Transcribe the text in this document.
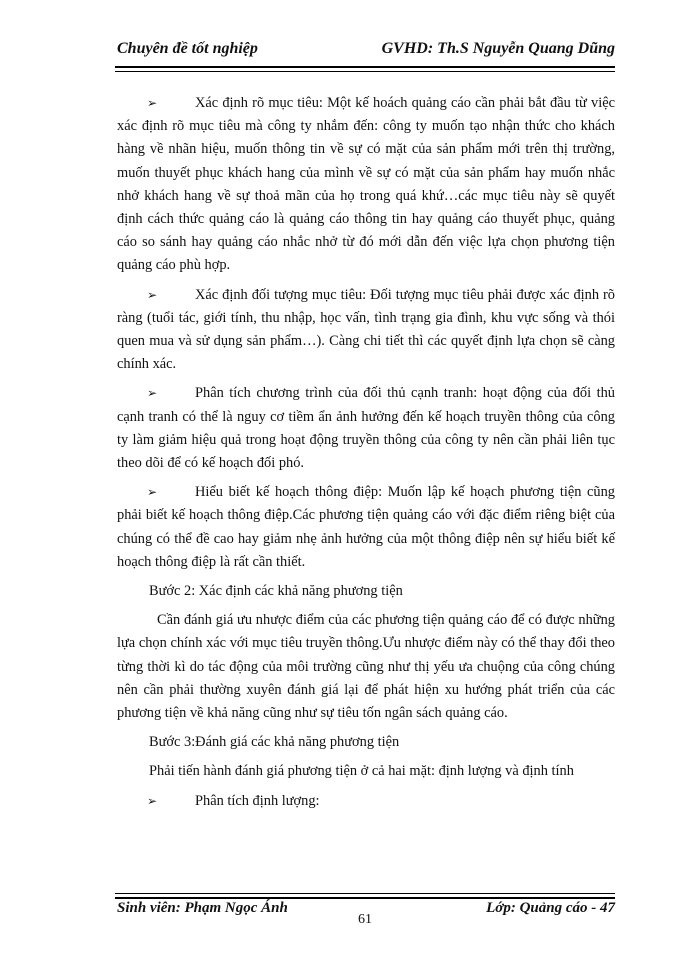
Chuyên đề tốt nghiệp	GVHD: Th.S Nguyễn Quang Dũng

➢	Xác định rõ mục tiêu: Một kế hoách quảng cáo cần phải bắt đầu từ việc xác định rõ mục tiêu mà công ty nhắm đến: công ty muốn tạo nhận thức cho khách hàng về nhãn hiệu, muốn thông tin về sự có mặt của sản phẩm mới trên thị trường, muốn thuyết phục khách hang của mình về sự có mặt của sản phẩm hay muốn nhắc nhở khách hang về sự thoả mãn của họ trong quá khứ…các mục tiêu này sẽ quyết định cách thức quảng cáo là quảng cáo thông tin hay quảng cáo thuyết phục, quảng cáo so sánh hay quảng cáo nhắc nhở từ đó mới dẫn đến việc lựa chọn phương tiện quảng cáo phù hợp.

➢	Xác định đối tượng mục tiêu: Đối tượng mục tiêu phải được xác định rõ ràng (tuổi tác, giới tính, thu nhập, học vấn, tình trạng gia đình, khu vực sống và thói quen mua và sử dụng sản phẩm…). Càng chi tiết thì các quyết định lựa chọn sẽ càng chính xác.

➢	Phân tích chương trình của đối thủ cạnh tranh: hoạt động của đối thủ cạnh tranh có thể là nguy cơ tiềm ẩn ảnh hưởng đến kế hoạch truyền thông của công ty làm giảm hiệu quả trong hoạt động truyền thông của công ty nên cần phải liên tục theo dõi để có kế hoạch đối phó.

➢	Hiểu biết kế hoạch thông điệp: Muốn lập kế hoạch phương tiện cũng phải biết kế hoạch thông điệp.Các phương tiện quảng cáo với đặc điểm riêng biệt của chúng có thể đề cao hay giảm nhẹ ảnh hưởng của một thông điệp nên sự hiểu biết kế hoạch thông điệp là rất cần thiết.

Bước 2: Xác định các khả năng phương tiện

Cần đánh giá ưu nhược điểm của các phương tiện quảng cáo để có được những lựa chọn chính xác với mục tiêu truyền thông.Ưu nhược điểm này có thể thay đổi theo từng thời kì do tác động của môi trường cũng như thị yếu ưa chuộng của công chúng nên cần phải thường xuyên đánh giá lại để phát hiện xu hướng phát triển của các phương tiện về khả năng cũng như sự tiêu tốn ngân sách quảng cáo.

Bước 3:Đánh giá các khả năng phương tiện

Phải tiến hành đánh giá phương tiện ở cả hai mặt: định lượng và định tính

➢	Phân tích định lượng:

Sinh viên: Phạm Ngọc Ánh
61
Lớp: Quảng cáo - 47
